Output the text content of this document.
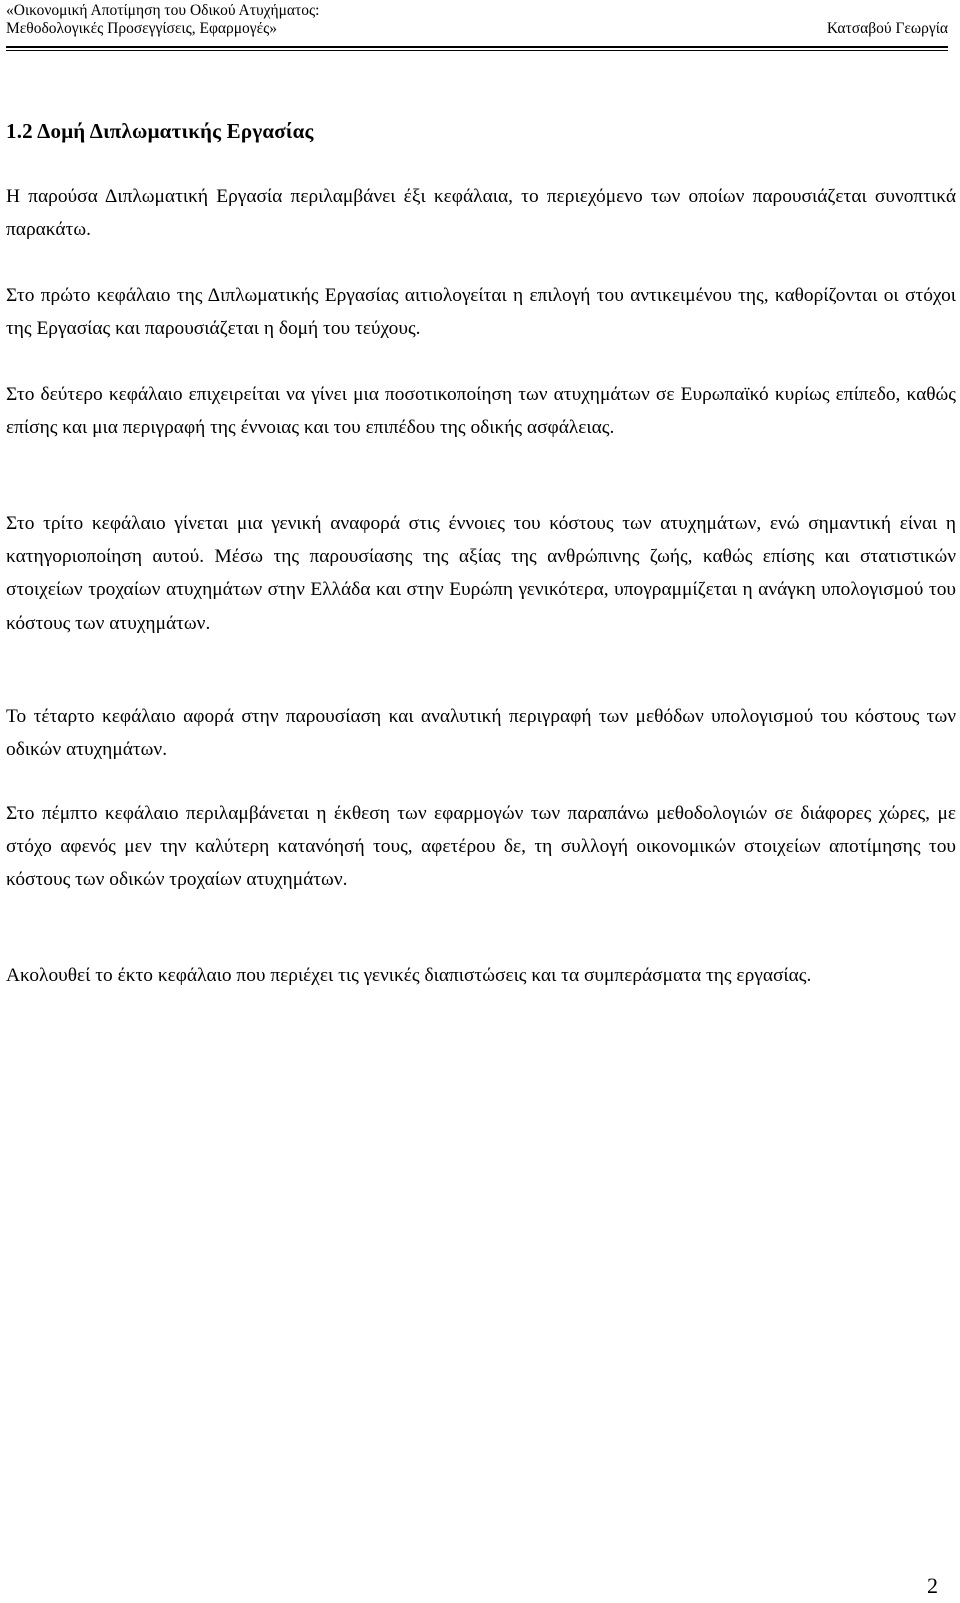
«Οικονομική Αποτίμηση του Οδικού Ατυχήματος:
Μεθοδολογικές Προσεγγίσεις, Εφαρμογές»	Κατσαβού Γεωργία
1.2 Δομή Διπλωματικής Εργασίας

Η παρούσα Διπλωματική Εργασία περιλαμβάνει έξι κεφάλαια, το περιεχόμενο των οποίων παρουσιάζεται συνοπτικά παρακάτω.

Στο πρώτο κεφάλαιο της Διπλωματικής Εργασίας αιτιολογείται η επιλογή του αντικειμένου της, καθορίζονται οι στόχοι της Εργασίας και παρουσιάζεται η δομή του τεύχους.

Στο δεύτερο κεφάλαιο επιχειρείται να γίνει μια ποσοτικοποίηση των ατυχημάτων σε Ευρωπαϊκό κυρίως επίπεδο, καθώς επίσης και μια περιγραφή της έννοιας και του επιπέδου της οδικής ασφάλειας.

Στο τρίτο κεφάλαιο γίνεται μια γενική αναφορά στις έννοιες του κόστους των ατυχημάτων, ενώ σημαντική είναι η κατηγοριοποίηση αυτού. Μέσω της παρουσίασης της αξίας της ανθρώπινης ζωής, καθώς επίσης και στατιστικών στοιχείων τροχαίων ατυχημάτων στην Ελλάδα και στην Ευρώπη γενικότερα, υπογραμμίζεται η ανάγκη υπολογισμού του κόστους των ατυχημάτων.

Το τέταρτο κεφάλαιο αφορά στην παρουσίαση και αναλυτική περιγραφή των μεθόδων υπολογισμού του κόστους των οδικών ατυχημάτων.

Στο πέμπτο κεφάλαιο περιλαμβάνεται η έκθεση των εφαρμογών των παραπάνω μεθοδολογιών σε διάφορες χώρες, με στόχο αφενός μεν την καλύτερη κατανόησή τους, αφετέρου δε, τη συλλογή οικονομικών στοιχείων αποτίμησης του κόστους των οδικών τροχαίων ατυχημάτων.

Ακολουθεί το έκτο κεφάλαιο που περιέχει τις γενικές διαπιστώσεις και τα συμπεράσματα της εργασίας.

2
